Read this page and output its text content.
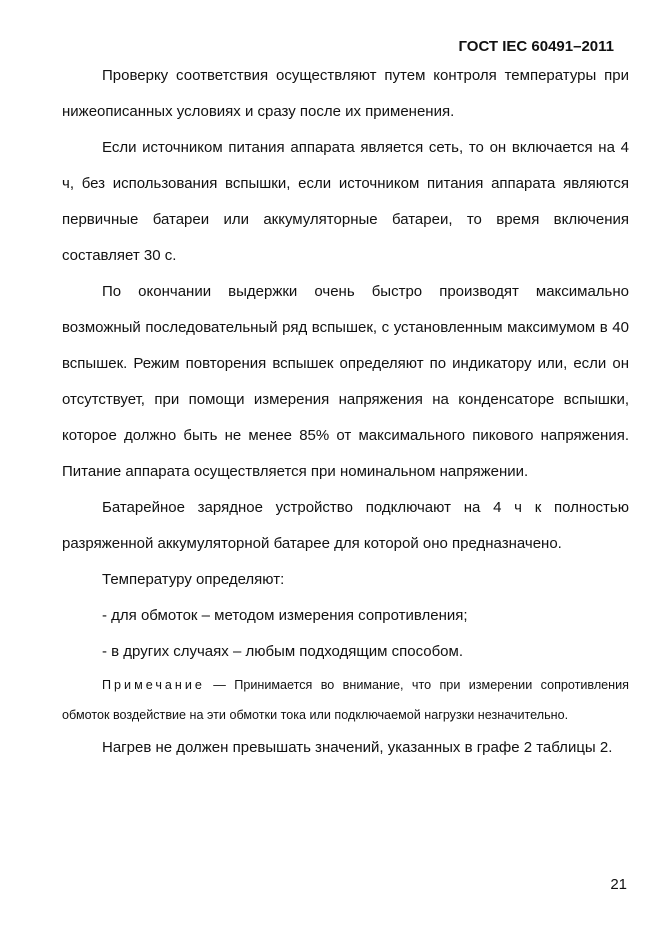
ГОСТ IEC 60491–2011

Проверку соответствия осуществляют путем контроля температуры при нижеописанных условиях и сразу после их применения.

Если источником питания аппарата является сеть, то он включается на 4 ч, без использования вспышки, если источником питания аппарата являются первичные батареи или аккумуляторные батареи, то время включения составляет 30 с.

По окончании выдержки очень быстро производят максимально возможный последовательный ряд вспышек, с установленным максимумом в 40 вспышек. Режим повторения вспышек определяют по индикатору или, если он отсутствует, при помощи измерения напряжения на конденсаторе вспышки, которое должно быть не менее 85% от максимального пикового напряжения. Питание аппарата осуществляется при номинальном напряжении.

Батарейное зарядное устройство подключают на 4 ч к полностью разряженной аккумуляторной батарее для которой оно предназначено.

Температуру определяют:

- для обмоток – методом измерения сопротивления;

- в других случаях – любым подходящим способом.

Примечание — Принимается во внимание, что при измерении сопротивления обмоток воздействие на эти обмотки тока или подключаемой нагрузки незначительно.

Нагрев не должен превышать значений, указанных в графе 2 таблицы 2.

21
